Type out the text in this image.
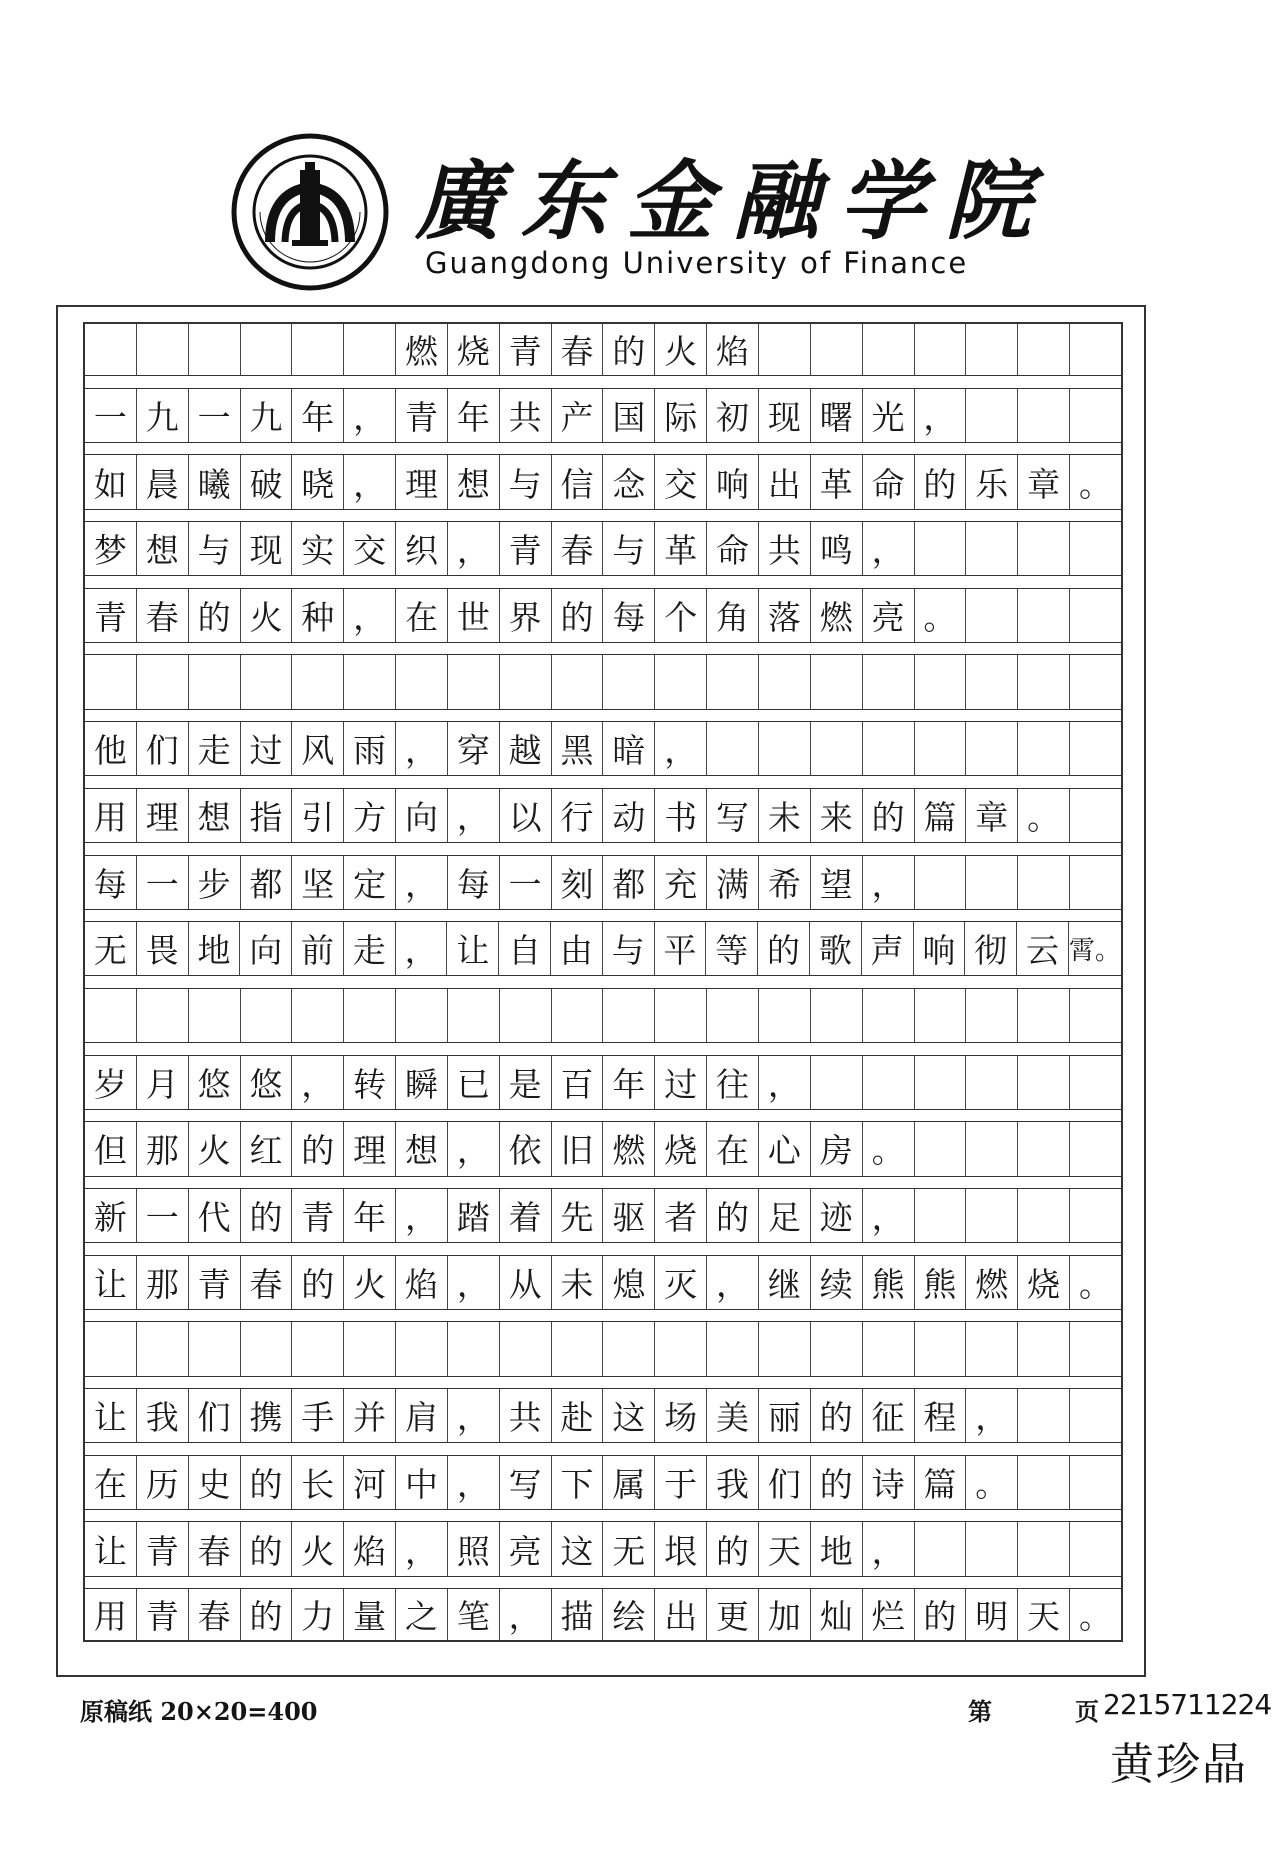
廣东金融学院
Guangdong University of Finance
燃 烧 青 春 的 火 焰
一 九 一 九 年 ， 青 年 共 产 国 际 初 现 曙 光 ，
如 晨 曦 破 晓 ， 理 想 与 信 念 交 响 出 革 命 的 乐 章 。
梦 想 与 现 实 交 织 ， 青 春 与 革 命 共 鸣 ，
青 春 的 火 种 ， 在 世 界 的 每 个 角 落 燃 亮 。
他 们 走 过 风 雨 ， 穿 越 黑 暗 ，
用 理 想 指 引 方 向 ， 以 行 动 书 写 未 来 的 篇 章 。
每 一 步 都 坚 定 ， 每 一 刻 都 充 满 希 望 ，
无 畏 地 向 前 走 ， 让 自 由 与 平 等 的 歌 声 响 彻 云 霄。
岁 月 悠 悠 ， 转 瞬 已 是 百 年 过 往 ，
但 那 火 红 的 理 想 ， 依 旧 燃 烧 在 心 房 。
新 一 代 的 青 年 ， 踏 着 先 驱 者 的 足 迹 ，
让 那 青 春 的 火 焰 ， 从 未 熄 灭 ， 继 续 熊 熊 燃 烧 。
让 我 们 携 手 并 肩 ， 共 赴 这 场 美 丽 的 征 程 ，
在 历 史 的 长 河 中 ， 写 下 属 于 我 们 的 诗 篇 。
让 青 春 的 火 焰 ， 照 亮 这 无 垠 的 天 地 ，
用 青 春 的 力 量 之 笔 ， 描 绘 出 更 加 灿 烂 的 明 天 。
原稿纸 20×20=400	第	页 2215711224
黄珍晶
